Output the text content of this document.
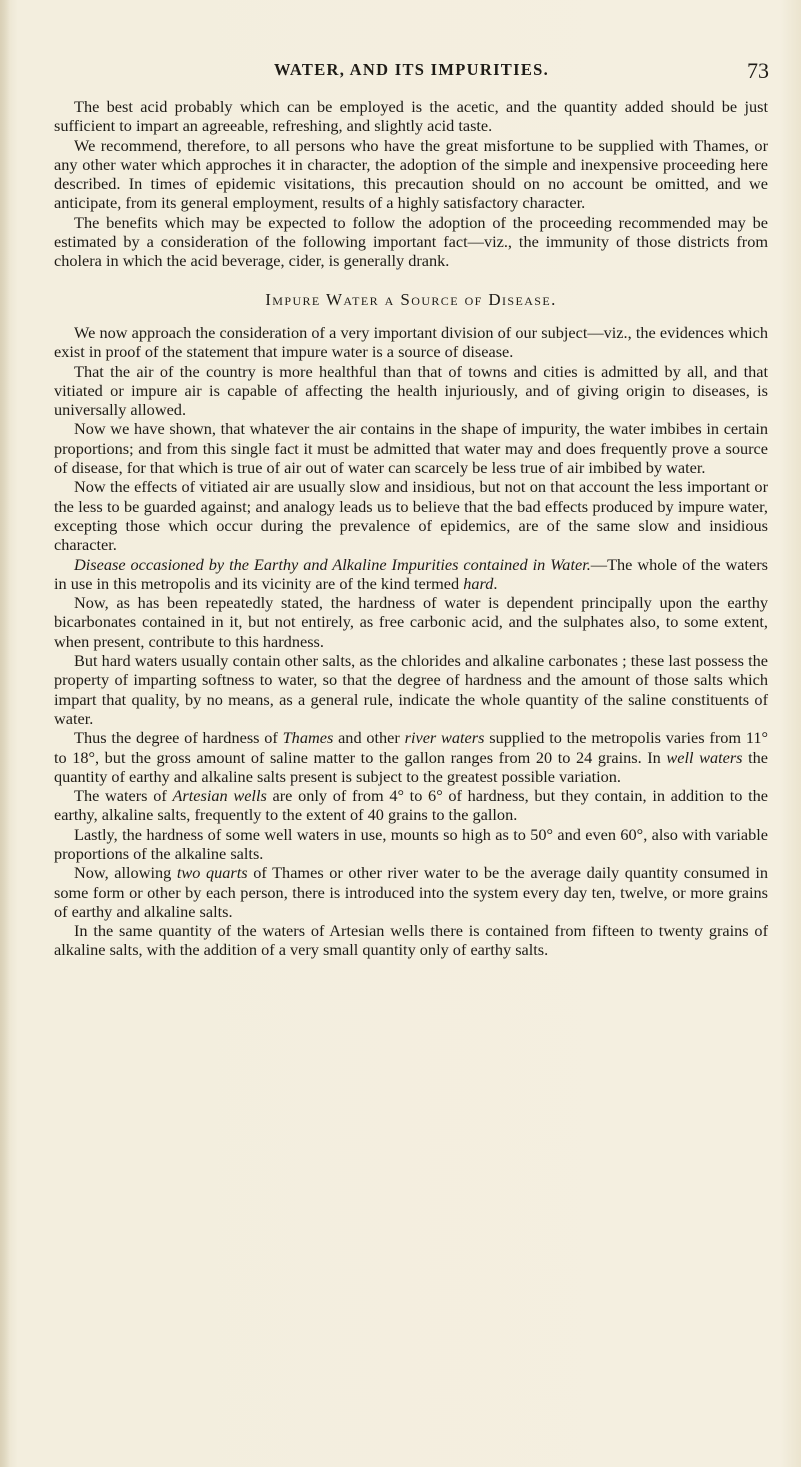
WATER, AND ITS IMPURITIES.	73

The best acid probably which can be employed is the acetic, and the quantity added should be just sufficient to impart an agreeable, refreshing, and slightly acid taste.

We recommend, therefore, to all persons who have the great misfortune to be supplied with Thames, or any other water which approches it in character, the adoption of the simple and inexpensive proceeding here described. In times of epidemic visitations, this precaution should on no account be omitted, and we anticipate, from its general employment, results of a highly satisfactory character.

The benefits which may be expected to follow the adoption of the proceeding recommended may be estimated by a consideration of the following important fact—viz., the immunity of those districts from cholera in which the acid beverage, cider, is generally drank.

Impure Water a Source of Disease.

We now approach the consideration of a very important division of our subject—viz., the evidences which exist in proof of the statement that impure water is a source of disease.

That the air of the country is more healthful than that of towns and cities is admitted by all, and that vitiated or impure air is capable of affecting the health injuriously, and of giving origin to diseases, is universally allowed.

Now we have shown, that whatever the air contains in the shape of impurity, the water imbibes in certain proportions; and from this single fact it must be admitted that water may and does frequently prove a source of disease, for that which is true of air out of water can scarcely be less true of air imbibed by water.

Now the effects of vitiated air are usually slow and insidious, but not on that account the less important or the less to be guarded against; and analogy leads us to believe that the bad effects produced by impure water, excepting those which occur during the prevalence of epidemics, are of the same slow and insidious character.

Disease occasioned by the Earthy and Alkaline Impurities contained in Water.—The whole of the waters in use in this metropolis and its vicinity are of the kind termed hard.

Now, as has been repeatedly stated, the hardness of water is dependent principally upon the earthy bicarbonates contained in it, but not entirely, as free carbonic acid, and the sulphates also, to some extent, when present, contribute to this hardness.

But hard waters usually contain other salts, as the chlorides and alkaline carbonates ; these last possess the property of imparting softness to water, so that the degree of hardness and the amount of those salts which impart that quality, by no means, as a general rule, indicate the whole quantity of the saline constituents of water.

Thus the degree of hardness of Thames and other river waters supplied to the metropolis varies from 11° to 18°, but the gross amount of saline matter to the gallon ranges from 20 to 24 grains. In well waters the quantity of earthy and alkaline salts present is subject to the greatest possible variation.

The waters of Artesian wells are only of from 4° to 6° of hardness, but they contain, in addition to the earthy, alkaline salts, frequently to the extent of 40 grains to the gallon.

Lastly, the hardness of some well waters in use, mounts so high as to 50° and even 60°, also with variable proportions of the alkaline salts.

Now, allowing two quarts of Thames or other river water to be the average daily quantity consumed in some form or other by each person, there is introduced into the system every day ten, twelve, or more grains of earthy and alkaline salts.

In the same quantity of the waters of Artesian wells there is contained from fifteen to twenty grains of alkaline salts, with the addition of a very small quantity only of earthy salts.
